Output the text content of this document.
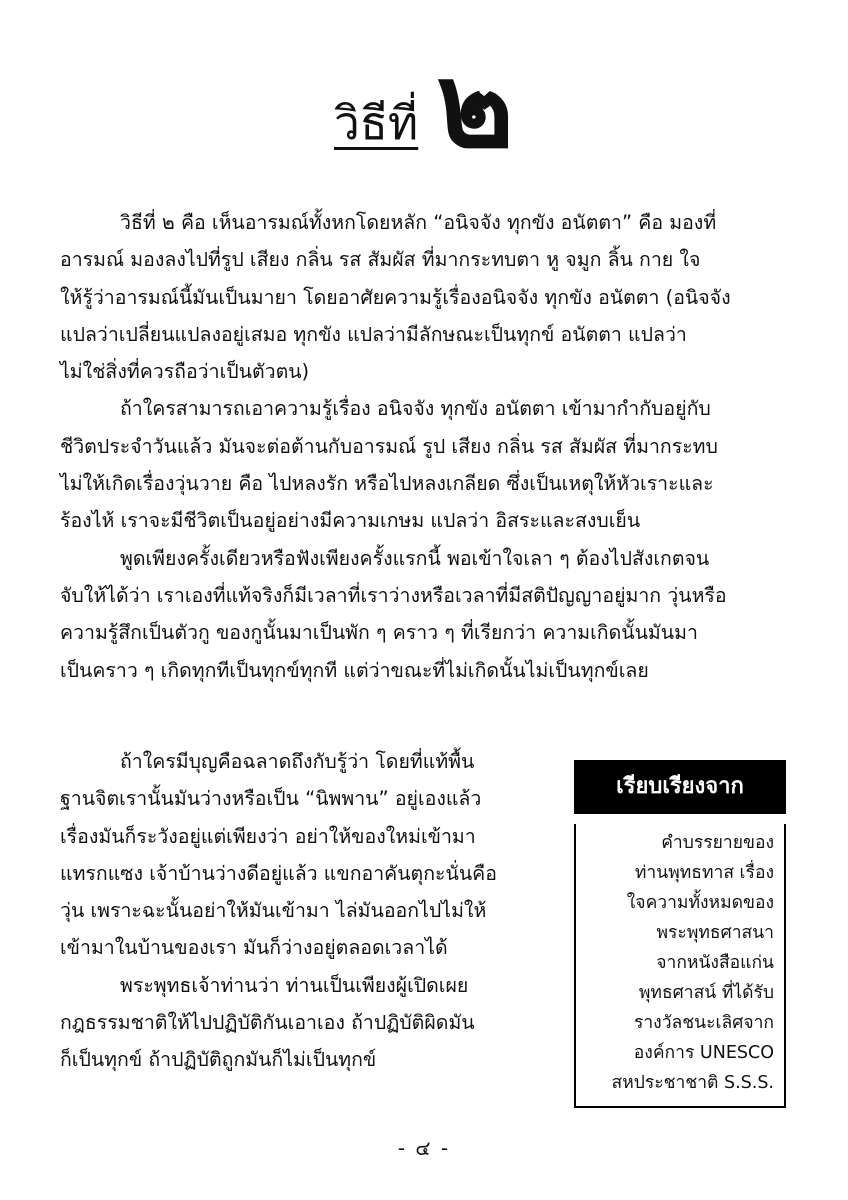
วิธีที่ ๒
วิธีที่ ๒ คือ เห็นอารมณ์ทั้งหกโดยหลัก “อนิจจัง ทุกขัง อนัตตา” คือ มองที่
อารมณ์ มองลงไปที่รูป เสียง กลิ่น รส สัมผัส ที่มากระทบตา หู จมูก ลิ้น กาย ใจ
ให้รู้ว่าอารมณ์นี้มันเป็นมายา โดยอาศัยความรู้เรื่องอนิจจัง ทุกขัง อนัตตา (อนิจจัง
แปลว่าเปลี่ยนแปลงอยู่เสมอ ทุกขัง แปลว่ามีลักษณะเป็นทุกข์ อนัตตา แปลว่า
ไม่ใช่สิ่งที่ควรถือว่าเป็นตัวตน)
ถ้าใครสามารถเอาความรู้เรื่อง อนิจจัง ทุกขัง อนัตตา เข้ามากำกับอยู่กับ
ชีวิตประจำวันแล้ว มันจะต่อต้านกับอารมณ์ รูป เสียง กลิ่น รส สัมผัส ที่มากระทบ
ไม่ให้เกิดเรื่องวุ่นวาย คือ ไปหลงรัก หรือไปหลงเกลียด ซึ่งเป็นเหตุให้หัวเราะและ
ร้องไห้ เราจะมีชีวิตเป็นอยู่อย่างมีความเกษม แปลว่า อิสระและสงบเย็น
พูดเพียงครั้งเดียวหรือฟังเพียงครั้งแรกนี้ พอเข้าใจเลา ๆ ต้องไปสังเกตจน
จับให้ได้ว่า เราเองที่แท้จริงก็มีเวลาที่เราว่างหรือเวลาที่มีสติปัญญาอยู่มาก วุ่นหรือ
ความรู้สึกเป็นตัวกู ของกูนั้นมาเป็นพัก ๆ คราว ๆ ที่เรียกว่า ความเกิดนั้นมันมา
เป็นคราว ๆ เกิดทุกทีเป็นทุกข์ทุกที แต่ว่าขณะที่ไม่เกิดนั้นไม่เป็นทุกข์เลย
ถ้าใครมีบุญคือฉลาดถึงกับรู้ว่า โดยที่แท้พื้น
ฐานจิตเรานั้นมันว่างหรือเป็น “นิพพาน” อยู่เองแล้ว
เรื่องมันก็ระวังอยู่แต่เพียงว่า อย่าให้ของใหม่เข้ามา
แทรกแซง เจ้าบ้านว่างดีอยู่แล้ว แขกอาคันตุกะนั่นคือ
วุ่น เพราะฉะนั้นอย่าให้มันเข้ามา ไล่มันออกไปไม่ให้
เข้ามาในบ้านของเรา มันก็ว่างอยู่ตลอดเวลาได้
พระพุทธเจ้าท่านว่า ท่านเป็นเพียงผู้เปิดเผย
กฎธรรมชาติให้ไปปฏิบัติกันเอาเอง ถ้าปฏิบัติผิดมัน
ก็เป็นทุกข์ ถ้าปฏิบัติถูกมันก็ไม่เป็นทุกข์
เรียบเรียงจาก
คำบรรยายของ
ท่านพุทธทาส เรื่อง
ใจความทั้งหมดของ
พระพุทธศาสนา
จากหนังสือแก่น
พุทธศาสน์ ที่ได้รับ
รางวัลชนะเลิศจาก
องค์การ UNESCO
สหประชาชาติ S.S.S.
- ๔ -
